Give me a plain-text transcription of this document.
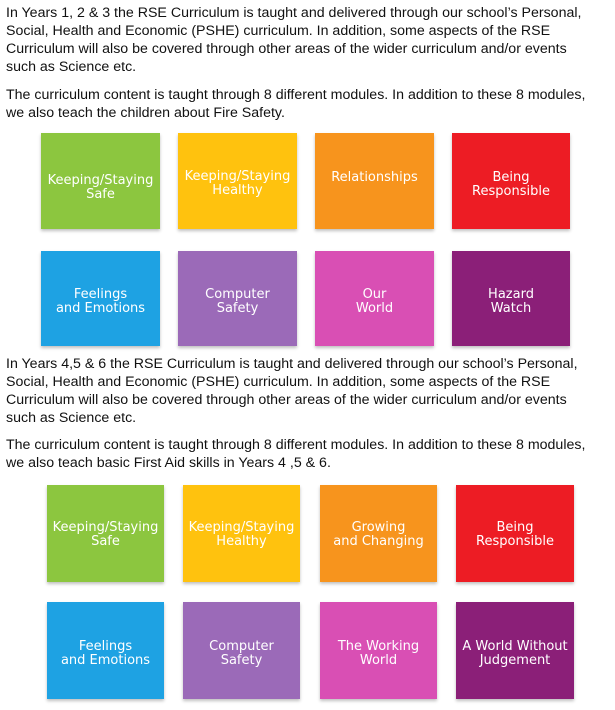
In Years 1, 2 & 3 the RSE Curriculum is taught and delivered through our school’s Personal,
Social, Health and Economic (PSHE) curriculum. In addition, some aspects of the RSE
Curriculum will also be covered through other areas of the wider curriculum and/or events
such as Science etc.

The curriculum content is taught through 8 different modules. In addition to these 8 modules,
we also teach the children about Fire Safety.

Keeping/Staying
Safe
Keeping/Staying
Healthy
Relationships	Being
Responsible
Feelings
and Emotions
Computer
Safety
Our
World
Hazard
Watch

In Years 4,5 & 6 the RSE Curriculum is taught and delivered through our school’s Personal,
Social, Health and Economic (PSHE) curriculum. In addition, some aspects of the RSE
Curriculum will also be covered through other areas of the wider curriculum and/or events
such as Science etc.

The curriculum content is taught through 8 different modules. In addition to these 8 modules,
we also teach basic First Aid skills in Years 4 ,5 & 6.

Keeping/Staying
Safe
Keeping/Staying
Healthy
Growing
and Changing
Being
Responsible
Feelings
and Emotions
Computer
Safety
The Working
World
A World Without
Judgement
